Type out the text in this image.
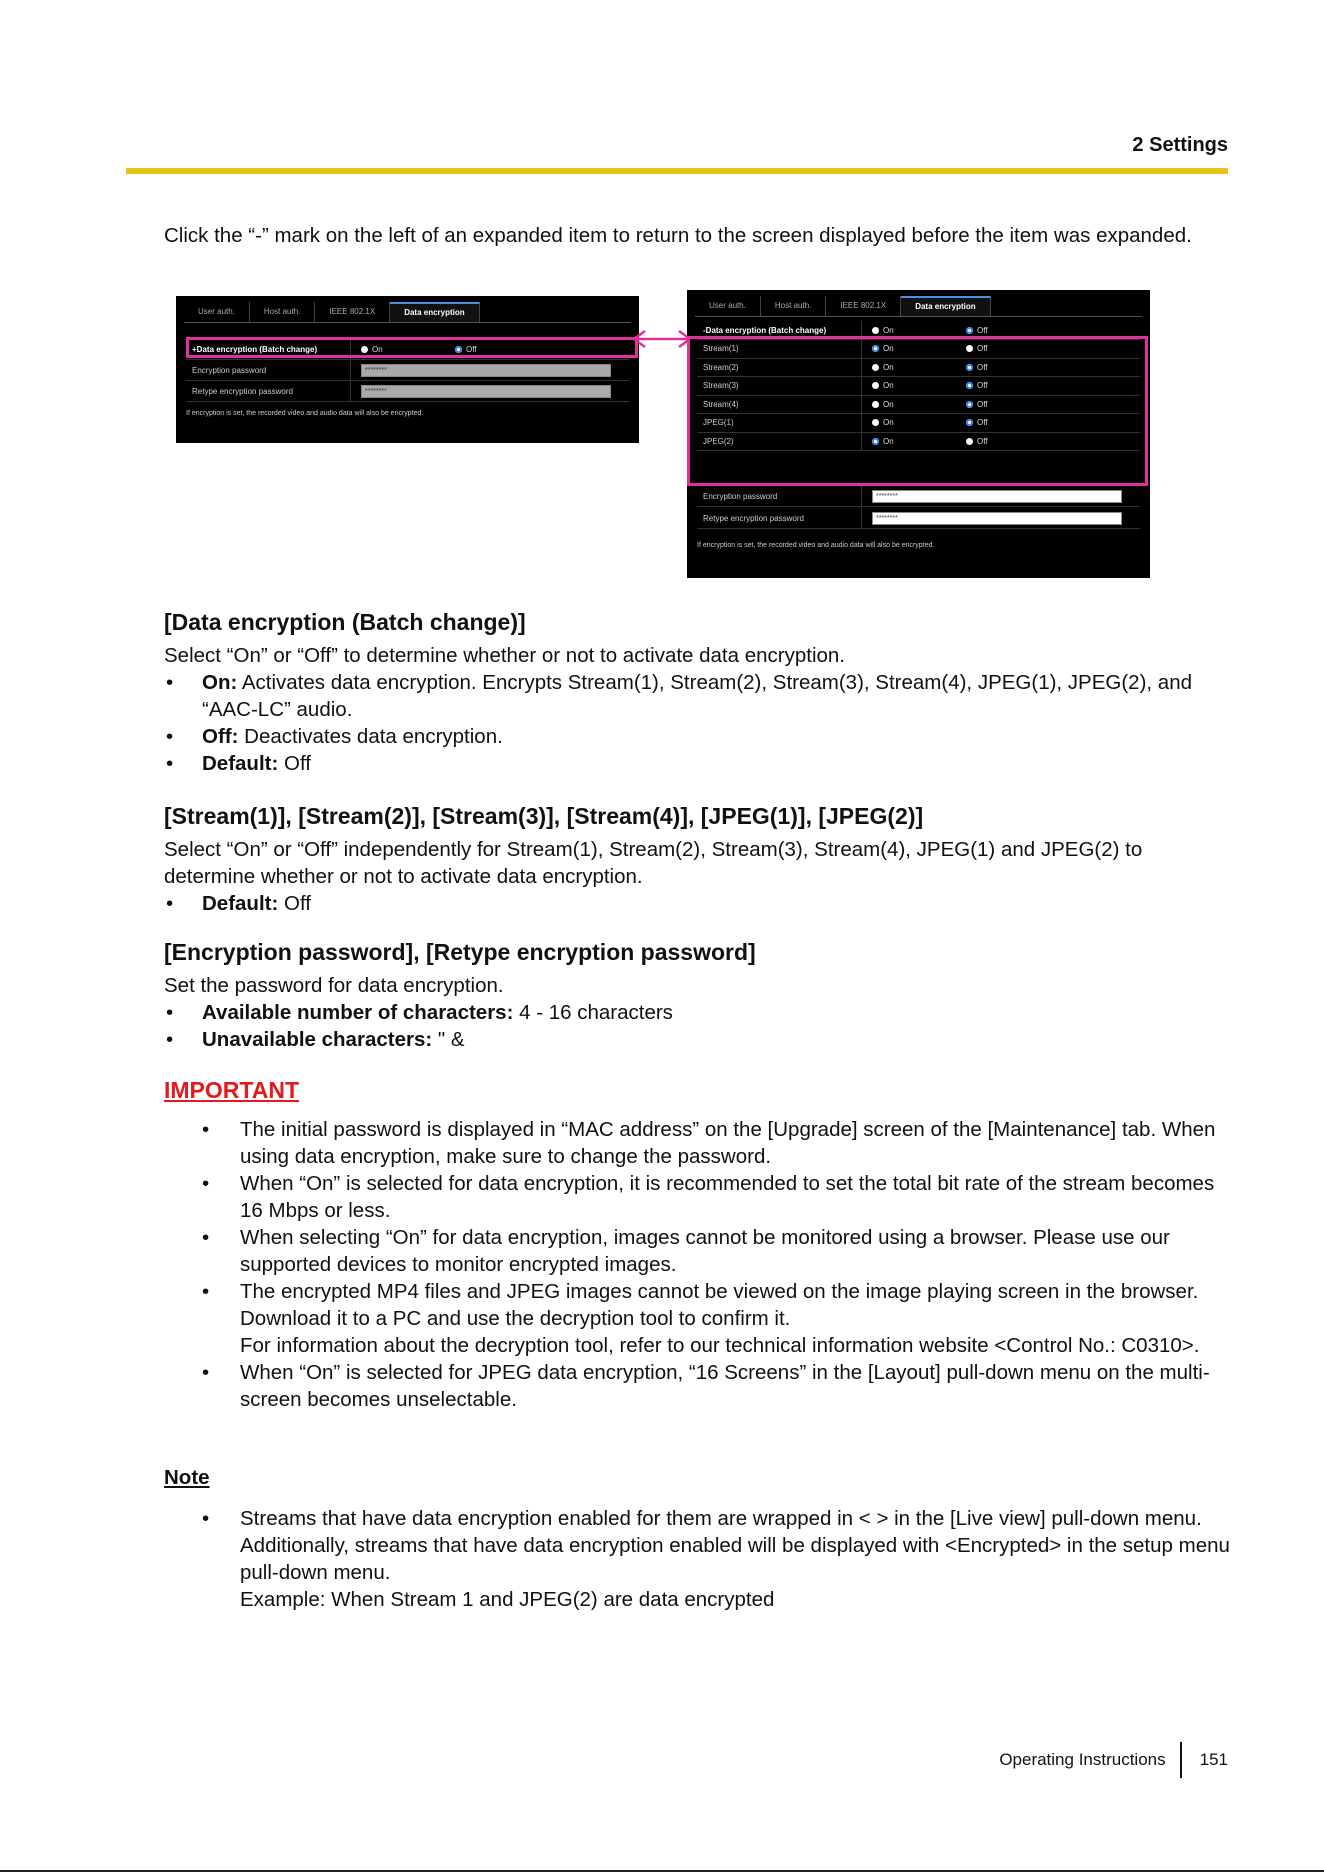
2 Settings

Click the “-” mark on the left of an expanded item to return to the screen displayed before the item was expanded.

User auth.	Host auth.	IEEE 802.1X	Data encryption
+Data encryption (Batch change)	On	Off
Encryption password	********
Retype encryption password	********
If encryption is set, the recorded video and audio data will also be encrypted.
User auth.	Host auth.	IEEE 802.1X	Data encryption
-Data encryption (Batch change)	On	Off
Stream(1)	On	Off
Stream(2)	On	Off
Stream(3)	On	Off
Stream(4)	On	Off
JPEG(1)	On	Off
JPEG(2)	On	Off
Encryption password	********
Retype encryption password	********
If encryption is set, the recorded video and audio data will also be encrypted.
[Data encryption (Batch change)]

Select “On” or “Off” to determine whether or not to activate data encryption.

• On: Activates data encryption. Encrypts Stream(1), Stream(2), Stream(3), Stream(4), JPEG(1), JPEG(2), and “AAC-LC” audio.
• Off: Deactivates data encryption.
• Default: Off
[Stream(1)], [Stream(2)], [Stream(3)], [Stream(4)], [JPEG(1)], [JPEG(2)]

Select “On” or “Off” independently for Stream(1), Stream(2), Stream(3), Stream(4), JPEG(1) and JPEG(2) to determine whether or not to activate data encryption.

• Default: Off
[Encryption password], [Retype encryption password]

Set the password for data encryption.

• Available number of characters: 4 - 16 characters
• Unavailable characters: " &
IMPORTANT
• The initial password is displayed in “MAC address” on the [Upgrade] screen of the [Maintenance] tab. When using data encryption, make sure to change the password.
• When “On” is selected for data encryption, it is recommended to set the total bit rate of the stream becomes 16 Mbps or less.
• When selecting “On” for data encryption, images cannot be monitored using a browser. Please use our supported devices to monitor encrypted images.
• The encrypted MP4 files and JPEG images cannot be viewed on the image playing screen in the browser. Download it to a PC and use the decryption tool to confirm it.
For information about the decryption tool, refer to our technical information website <Control No.: C0310>.
• When “On” is selected for JPEG data encryption, “16 Screens” in the [Layout] pull-down menu on the multi-screen becomes unselectable.
Note
• Streams that have data encryption enabled for them are wrapped in < > in the [Live view] pull-down menu. Additionally, streams that have data encryption enabled will be displayed with <Encrypted> in the setup menu pull-down menu.
Example: When Stream 1 and JPEG(2) are data encrypted
Operating Instructions 151
